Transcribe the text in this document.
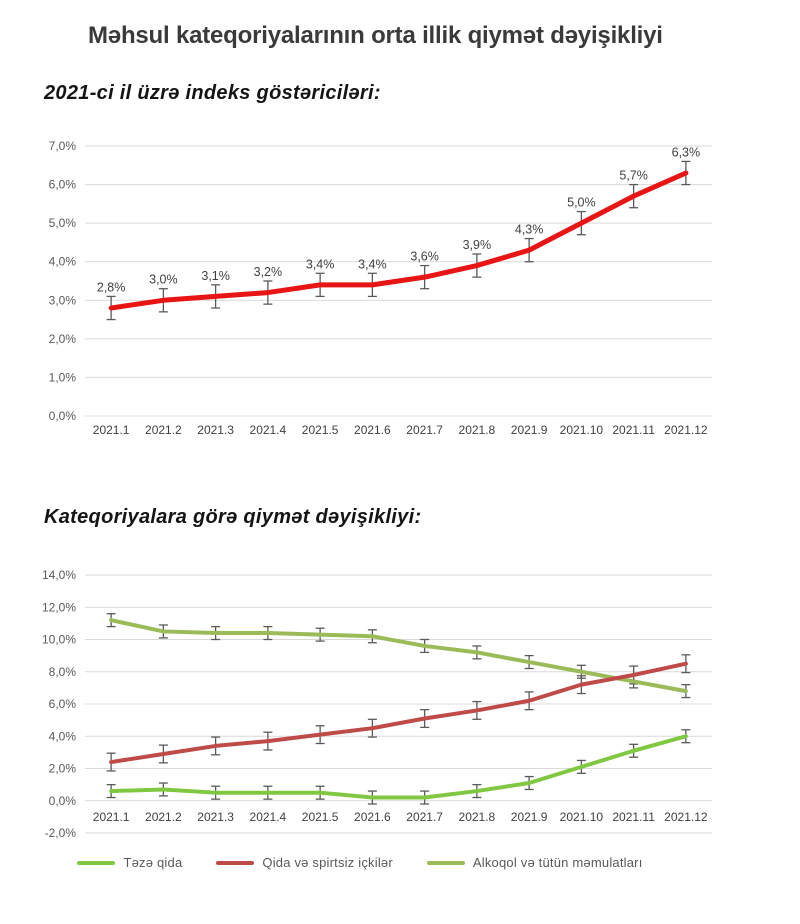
Məhsul kateqoriyalarının orta illik qiymət dəyişikliyi
2021-ci il üzrə indeks göstəriciləri:
0,0%
1,0%
2,0%
3,0%
4,0%
5,0%
6,0%
7,0%
2021.1 2021.2 2021.3 2021.4 2021.5 2021.6 2021.7 2021.8 2021.9 2021.10 2021.11 2021.12
2,8%
3,0% 3,1% 3,2%
3,4% 3,4%
3,6%
3,9%
4,3%
5,0%
5,7%
6,3%
Kateqoriyalara görə qiymət dəyişikliyi:
-2,0%
0,0%
2,0%
4,0%
6,0%
8,0%
10,0%
12,0%
14,0%
2021.1 2021.2 2021.3 2021.4 2021.5 2021.6 2021.7 2021.8 2021.9 2021.10 2021.11 2021.12
Təzə qida	Qida və spirtsiz içkilər	Alkoqol və tütün məmulatları
